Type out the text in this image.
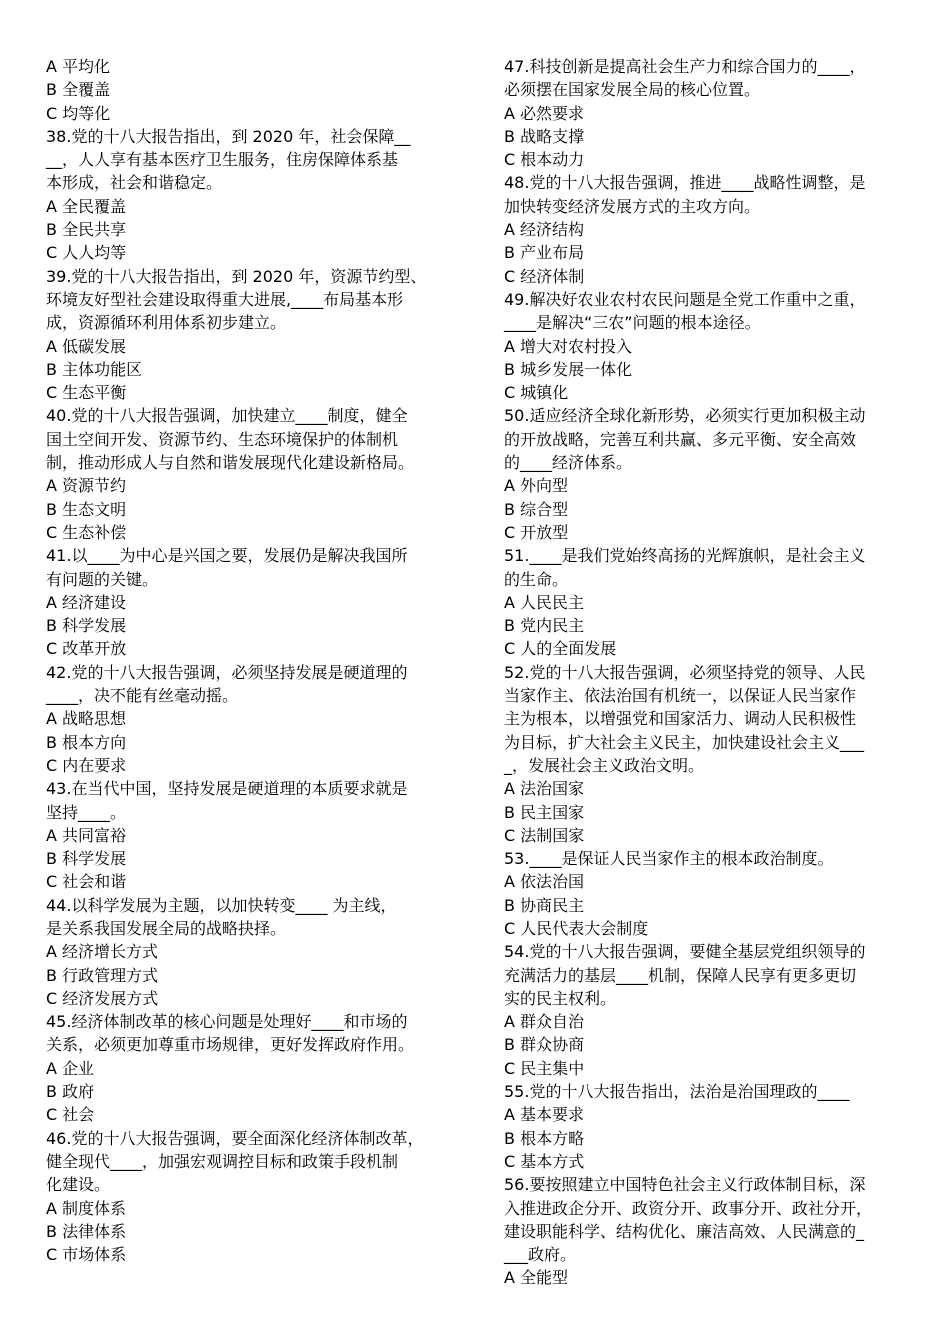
A 平均化
B 全覆盖
C 均等化
38.党的十八大报告指出，到 2020 年，社会保障__
__，人人享有基本医疗卫生服务，住房保障体系基
本形成，社会和谐稳定。
A 全民覆盖
B 全民共享
C 人人均等
39.党的十八大报告指出，到 2020 年，资源节约型、
环境友好型社会建设取得重大进展,____布局基本形
成，资源循环利用体系初步建立。
A 低碳发展
B 主体功能区
C 生态平衡
40.党的十八大报告强调，加快建立____制度，健全
国土空间开发、资源节约、生态环境保护的体制机
制，推动形成人与自然和谐发展现代化建设新格局。
A 资源节约
B 生态文明
C 生态补偿
41.以____为中心是兴国之要，发展仍是解决我国所
有问题的关键。
A 经济建设
B 科学发展
C 改革开放
42.党的十八大报告强调，必须坚持发展是硬道理的
____，决不能有丝毫动摇。
A 战略思想
B 根本方向
C 内在要求
43.在当代中国，坚持发展是硬道理的本质要求就是
坚持____。
A 共同富裕
B 科学发展
C 社会和谐
44.以科学发展为主题，以加快转变____ 为主线，
是关系我国发展全局的战略抉择。
A 经济增长方式
B 行政管理方式
C 经济发展方式
45.经济体制改革的核心问题是处理好____和市场的
关系，必须更加尊重市场规律，更好发挥政府作用。
A 企业
B 政府
C 社会
46.党的十八大报告强调，要全面深化经济体制改革，
健全现代____，加强宏观调控目标和政策手段机制
化建设。
A 制度体系
B 法律体系
C 市场体系
47.科技创新是提高社会生产力和综合国力的____，
必须摆在国家发展全局的核心位置。
A 必然要求
B 战略支撑
C 根本动力
48.党的十八大报告强调，推进____战略性调整，是
加快转变经济发展方式的主攻方向。
A 经济结构
B 产业布局
C 经济体制
49.解决好农业农村农民问题是全党工作重中之重，
____是解决“三农”问题的根本途径。
A 增大对农村投入
B 城乡发展一体化
C 城镇化
50.适应经济全球化新形势，必须实行更加积极主动
的开放战略，完善互利共赢、多元平衡、安全高效
的____经济体系。
A 外向型
B 综合型
C 开放型
51.____是我们党始终高扬的光辉旗帜，是社会主义
的生命。
A 人民民主
B 党内民主
C 人的全面发展
52.党的十八大报告强调，必须坚持党的领导、人民
当家作主、依法治国有机统一，以保证人民当家作
主为根本，以增强党和国家活力、调动人民积极性
为目标，扩大社会主义民主，加快建设社会主义___
_，发展社会主义政治文明。
A 法治国家
B 民主国家
C 法制国家
53.____是保证人民当家作主的根本政治制度。
A 依法治国
B 协商民主
C 人民代表大会制度
54.党的十八大报告强调，要健全基层党组织领导的
充满活力的基层____机制，保障人民享有更多更切
实的民主权利。
A 群众自治
B 群众协商
C 民主集中
55.党的十八大报告指出，法治是治国理政的____
A 基本要求
B 根本方略
C 基本方式
56.要按照建立中国特色社会主义行政体制目标，深
入推进政企分开、政资分开、政事分开、政社分开，
建设职能科学、结构优化、廉洁高效、人民满意的_
___政府。
A 全能型
